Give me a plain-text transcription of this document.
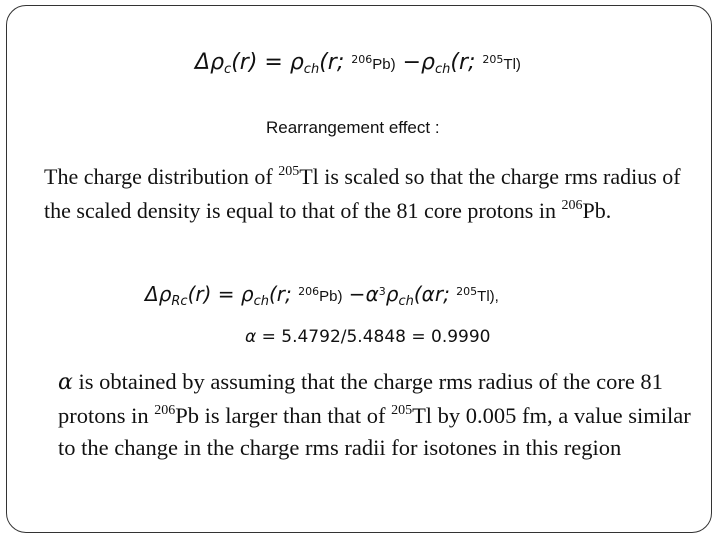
$\Delta\rho_c(r) = \rho_{ch}(r$; $^{206}Pb) -\rho_{ch}(r$; $^{205}$Tl)
Rearrangement effect :
The charge distribution of $^{205}$Tl is scaled so that the charge rms radius of the scaled density is equal to that of the 81 core protons in $^{206}$Pb.
$\Delta\rho_{Rc}(r) = \rho_{ch}(r$; $^{206}Pb) -\alpha^3\rho_{ch}(\alpha r$; $^{205}$Tl),
α = 5.4792/5.4848 = 0.9990
α is obtained by assuming that the charge rms radius of the core 81 protons in $^{206}$Pb is larger than that of $^{205}$Tl by 0.005 fm, a value similar to the change in the charge rms radii for isotones in this region
